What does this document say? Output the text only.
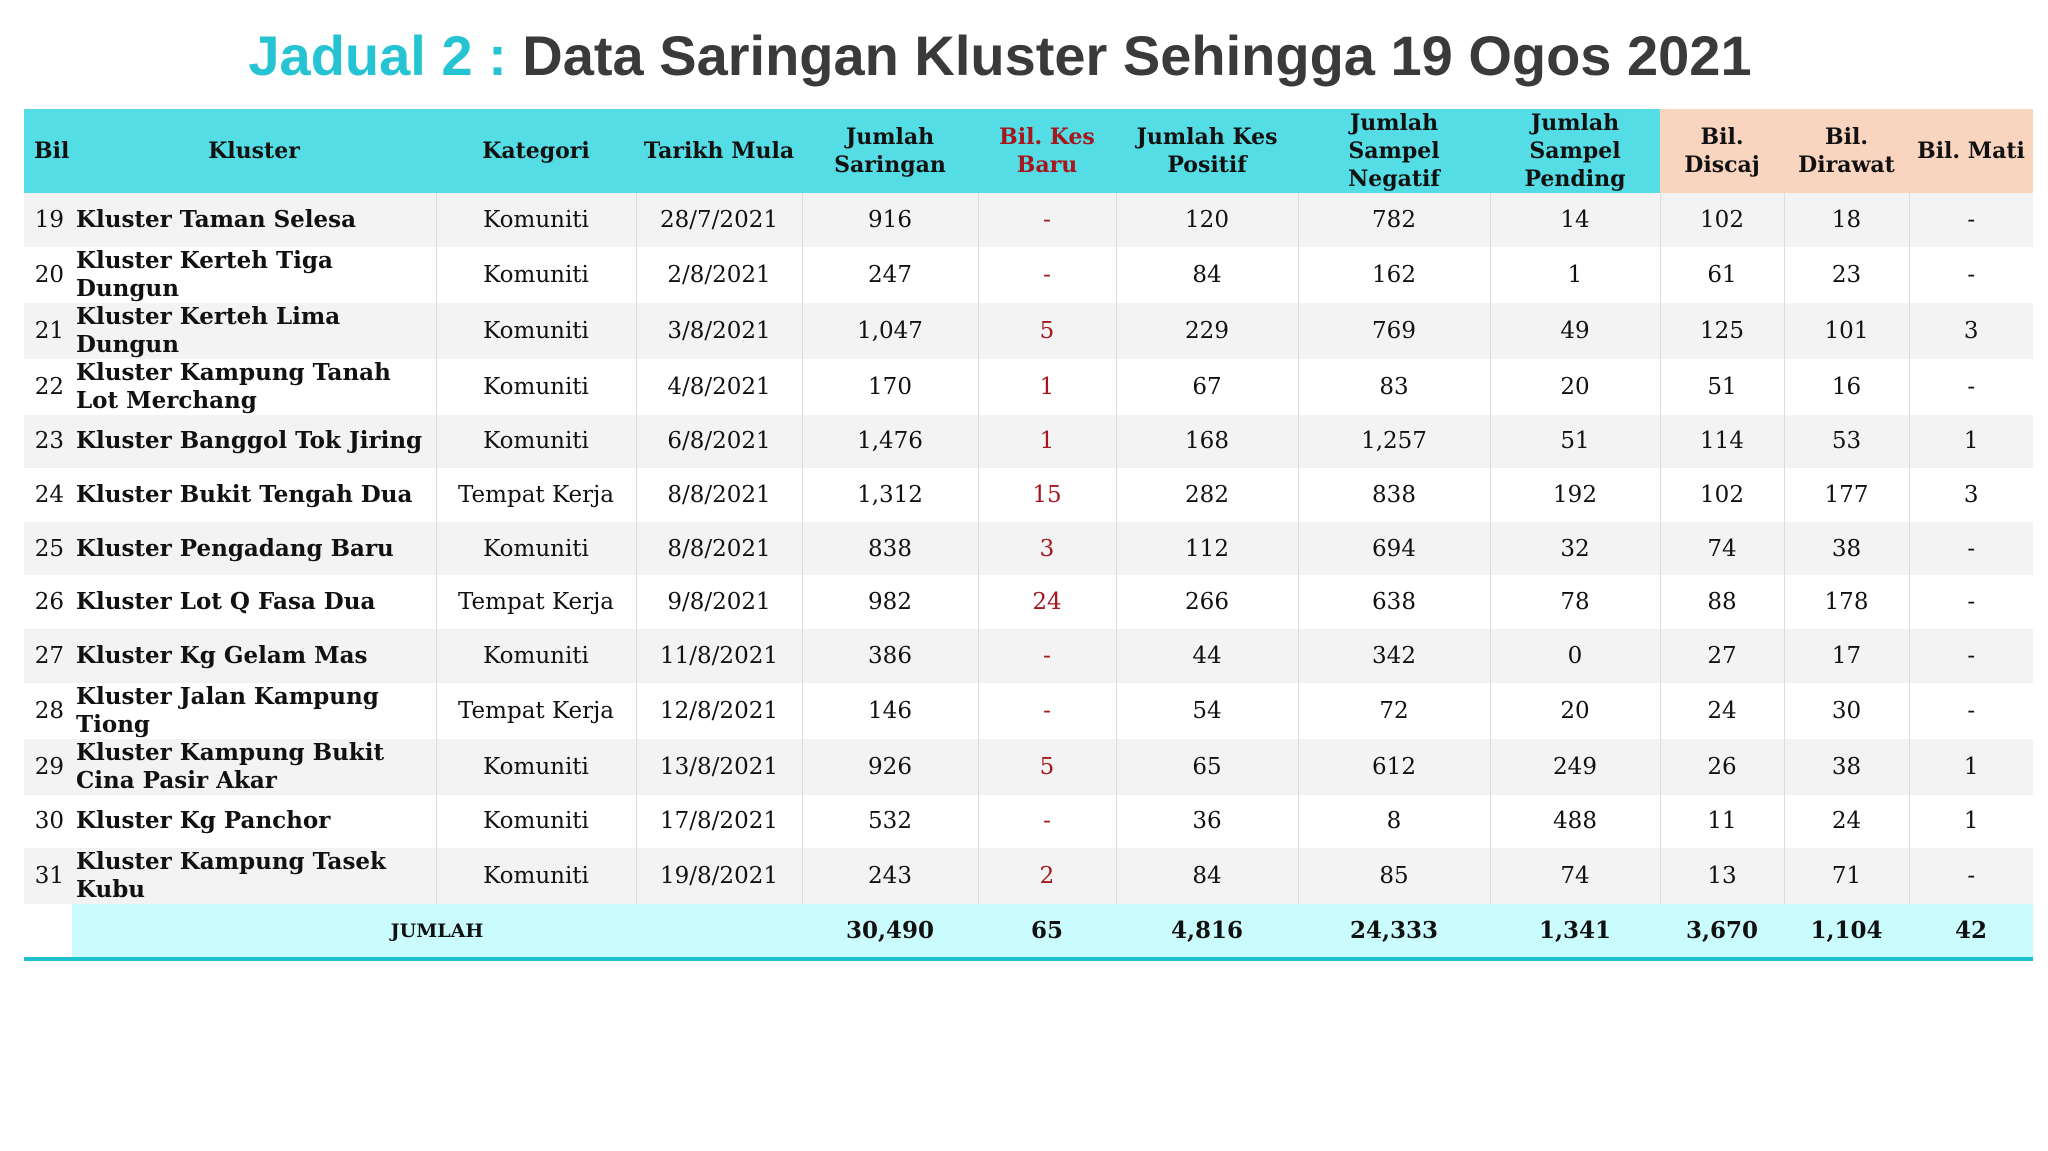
Jadual 2 : Data Saringan Kluster Sehingga 19 Ogos 2021
Bil	Kluster	Kategori	Tarikh Mula	Jumlah Saringan	Bil. Kes Baru	Jumlah Kes Positif	Jumlah Sampel Negatif	Jumlah Sampel Pending	Bil. Discaj	Bil. Dirawat	Bil. Mati
19	Kluster Taman Selesa	Komuniti	28/7/2021	916	-	120	782	14	102	18	-
20	Kluster Kerteh Tiga Dungun	Komuniti	2/8/2021	247	-	84	162	1	61	23	-
21	Kluster Kerteh Lima Dungun	Komuniti	3/8/2021	1,047	5	229	769	49	125	101	3
22	Kluster Kampung Tanah Lot Merchang	Komuniti	4/8/2021	170	1	67	83	20	51	16	-
23	Kluster Banggol Tok Jiring	Komuniti	6/8/2021	1,476	1	168	1,257	51	114	53	1
24	Kluster Bukit Tengah Dua	Tempat Kerja	8/8/2021	1,312	15	282	838	192	102	177	3
25	Kluster Pengadang Baru	Komuniti	8/8/2021	838	3	112	694	32	74	38	-
26	Kluster Lot Q Fasa Dua	Tempat Kerja	9/8/2021	982	24	266	638	78	88	178	-
27	Kluster Kg Gelam Mas	Komuniti	11/8/2021	386	-	44	342	0	27	17	-
28	Kluster Jalan Kampung Tiong	Tempat Kerja	12/8/2021	146	-	54	72	20	24	30	-
29	Kluster Kampung Bukit Cina Pasir Akar	Komuniti	13/8/2021	926	5	65	612	249	26	38	1
30	Kluster Kg Panchor	Komuniti	17/8/2021	532	-	36	8	488	11	24	1
31	Kluster Kampung Tasek Kubu	Komuniti	19/8/2021	243	2	84	85	74	13	71	-
	JUMLAH			30,490	65	4,816	24,333	1,341	3,670	1,104	42
